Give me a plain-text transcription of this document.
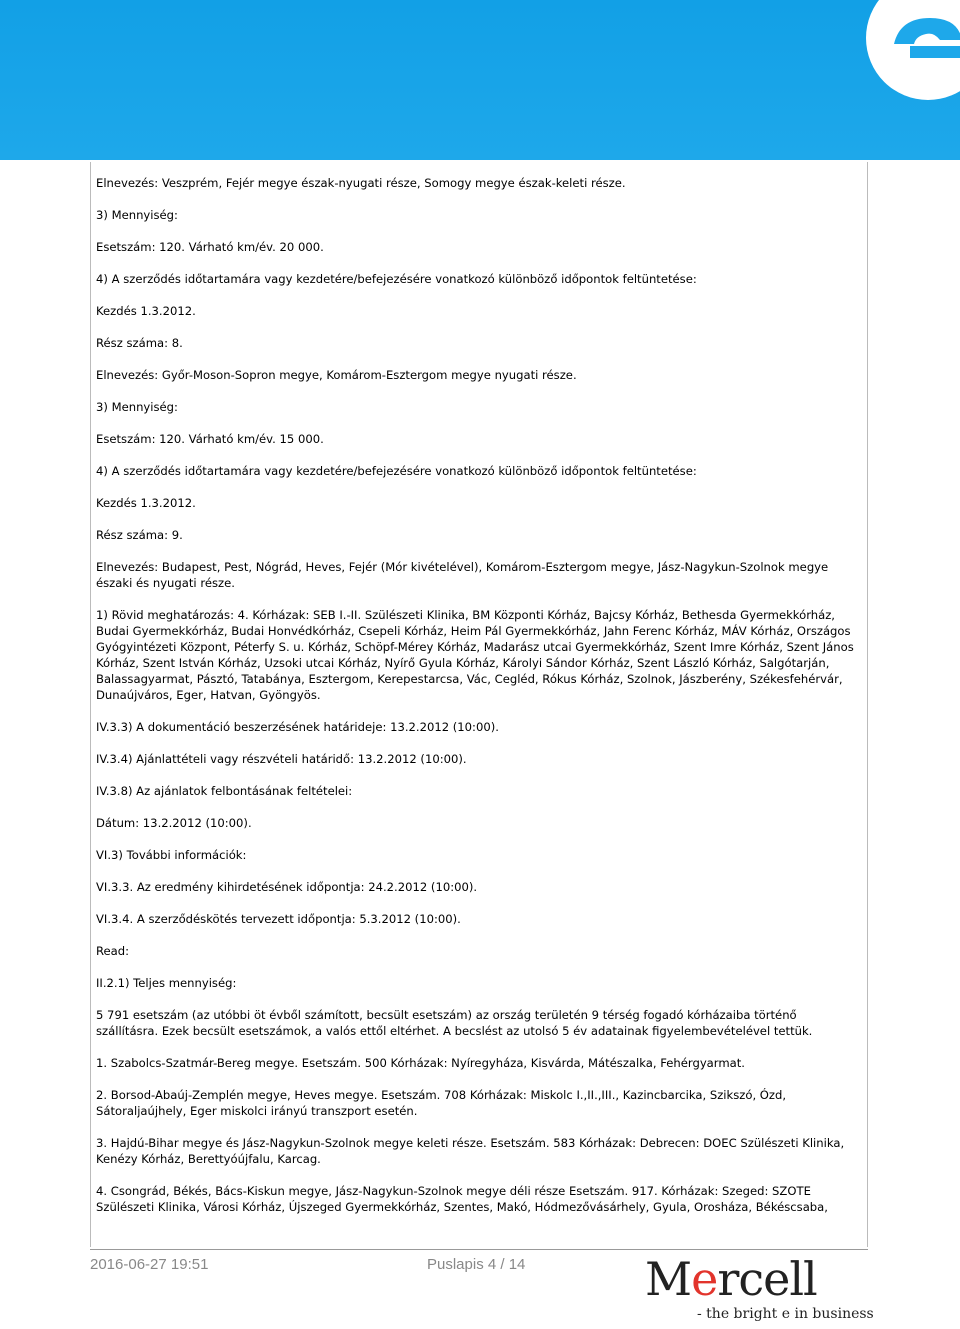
Elnevezés: Veszprém, Fejér megye észak-nyugati része, Somogy megye észak-keleti része.

3) Mennyiség:

Esetszám: 120. Várható km/év. 20 000.

4) A szerződés időtartamára vagy kezdetére/befejezésére vonatkozó különböző időpontok feltüntetése:

Kezdés 1.3.2012.

Rész száma: 8.

Elnevezés: Győr-Moson-Sopron megye, Komárom-Esztergom megye nyugati része.

3) Mennyiség:

Esetszám: 120. Várható km/év. 15 000.

4) A szerződés időtartamára vagy kezdetére/befejezésére vonatkozó különböző időpontok feltüntetése:

Kezdés 1.3.2012.

Rész száma: 9.

Elnevezés: Budapest, Pest, Nógrád, Heves, Fejér (Mór kivételével), Komárom-Esztergom megye, Jász-Nagykun-Szolnok megye északi és nyugati része.

1) Rövid meghatározás: 4. Kórházak: SEB I.-II. Szülészeti Klinika, BM Központi Kórház, Bajcsy Kórház, Bethesda Gyermekkórház, Budai Gyermekkórház, Budai Honvédkórház, Csepeli Kórház, Heim Pál Gyermekkórház, Jahn Ferenc Kórház, MÁV Kórház, Országos Gyógyintézeti Központ, Péterfy S. u. Kórház, Schöpf-Mérey Kórház, Madarász utcai Gyermekkórház, Szent Imre Kórház, Szent János Kórház, Szent István Kórház, Uzsoki utcai Kórház, Nyírő Gyula Kórház, Károlyi Sándor Kórház, Szent László Kórház, Salgótarján, Balassagyarmat, Pásztó, Tatabánya, Esztergom, Kerepestarcsa, Vác, Cegléd, Rókus Kórház, Szolnok, Jászberény, Székesfehérvár, Dunaújváros, Eger, Hatvan, Gyöngyös.

IV.3.3) A dokumentáció beszerzésének határideje: 13.2.2012 (10:00).

IV.3.4) Ajánlattételi vagy részvételi határidő: 13.2.2012 (10:00).

IV.3.8) Az ajánlatok felbontásának feltételei:

Dátum: 13.2.2012 (10:00).

VI.3) További információk:

VI.3.3. Az eredmény kihirdetésének időpontja: 24.2.2012 (10:00).

VI.3.4. A szerződéskötés tervezett időpontja: 5.3.2012 (10:00).

Read:

II.2.1) Teljes mennyiség:

5 791 esetszám (az utóbbi öt évből számított, becsült esetszám) az ország területén 9 térség fogadó kórházaiba történő szállításra. Ezek becsült esetszámok, a valós ettől eltérhet. A becslést az utolsó 5 év adatainak figyelembevételével tettük.

1. Szabolcs-Szatmár-Bereg megye. Esetszám. 500 Kórházak: Nyíregyháza, Kisvárda, Mátészalka, Fehérgyarmat.

2. Borsod-Abaúj-Zemplén megye, Heves megye. Esetszám. 708 Kórházak: Miskolc I.,II.,III., Kazincbarcika, Szikszó, Ózd, Sátoraljaújhely, Eger miskolci irányú transzport esetén.

3. Hajdú-Bihar megye és Jász-Nagykun-Szolnok megye keleti része. Esetszám. 583 Kórházak: Debrecen: DOEC Szülészeti Klinika, Kenézy Kórház, Berettyóújfalu, Karcag.

4. Csongrád, Békés, Bács-Kiskun megye, Jász-Nagykun-Szolnok megye déli része Esetszám. 917. Kórházak: Szeged: SZOTE Szülészeti Klinika, Városi Kórház, Újszeged Gyermekkórház, Szentes, Makó, Hódmezővásárhely, Gyula, Orosháza, Békéscsaba,

2016-06-27 19:51	Puslapis 4 / 14	Mercell
- the bright e in business
